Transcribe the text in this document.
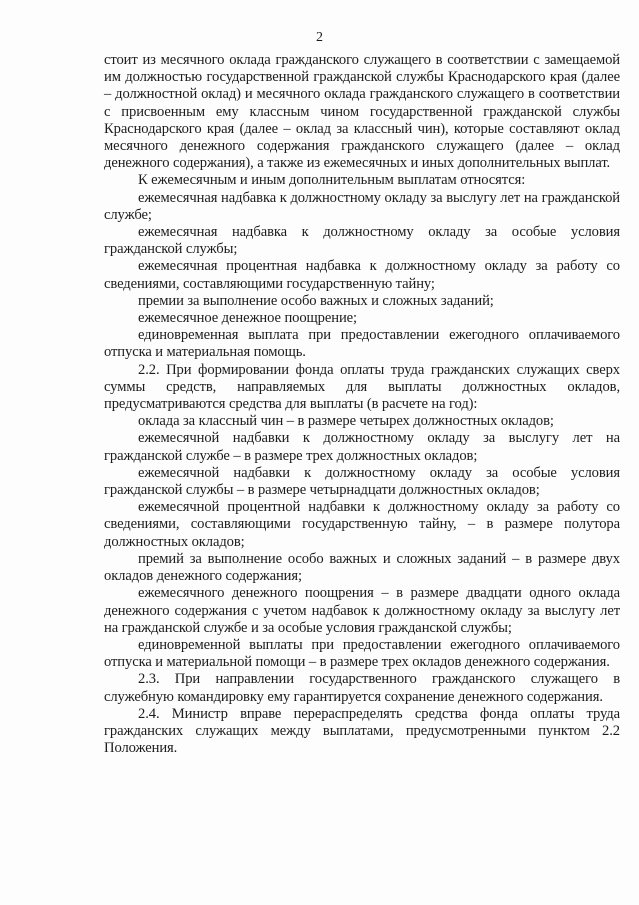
2

стоит из месячного оклада гражданского служащего в соответствии с замещаемой им должностью государственной гражданской службы Краснодарского края (далее – должностной оклад) и месячного оклада гражданского служащего в соответствии с присвоенным ему классным чином государственной гражданской службы Краснодарского края (далее – оклад за классный чин), которые составляют оклад месячного денежного содержания гражданского служащего (далее – оклад денежного содержания), а также из ежемесячных и иных дополнительных выплат.

К ежемесячным и иным дополнительным выплатам относятся:

ежемесячная надбавка к должностному окладу за выслугу лет на гражданской службе;

ежемесячная надбавка к должностному окладу за особые условия гражданской службы;

ежемесячная процентная надбавка к должностному окладу за работу со сведениями, составляющими государственную тайну;

премии за выполнение особо важных и сложных заданий;

ежемесячное денежное поощрение;

единовременная выплата при предоставлении ежегодного оплачиваемого отпуска и материальная помощь.

2.2. При формировании фонда оплаты труда гражданских служащих сверх суммы средств, направляемых для выплаты должностных окладов, предусматриваются средства для выплаты (в расчете на год):

оклада за классный чин – в размере четырех должностных окладов;

ежемесячной надбавки к должностному окладу за выслугу лет на гражданской службе – в размере трех должностных окладов;

ежемесячной надбавки к должностному окладу за особые условия гражданской службы – в размере четырнадцати должностных окладов;

ежемесячной процентной надбавки к должностному окладу за работу со сведениями, составляющими государственную тайну, – в размере полутора должностных окладов;

премий за выполнение особо важных и сложных заданий – в размере двух окладов денежного содержания;

ежемесячного денежного поощрения – в размере двадцати одного оклада денежного содержания с учетом надбавок к должностному окладу за выслугу лет на гражданской службе и за особые условия гражданской службы;

единовременной выплаты при предоставлении ежегодного оплачиваемого отпуска и материальной помощи – в размере трех окладов денежного содержания.

2.3. При направлении государственного гражданского служащего в служебную командировку ему гарантируется сохранение денежного содержания.

2.4. Министр вправе перераспределять средства фонда оплаты труда гражданских служащих между выплатами, предусмотренными пунктом 2.2 Положения.
